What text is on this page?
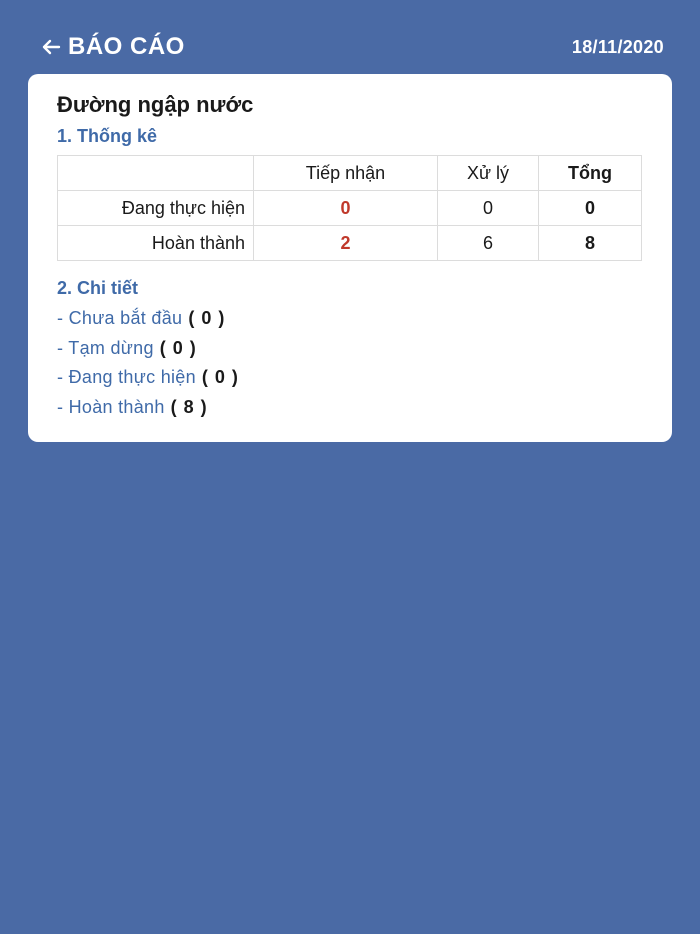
BÁO CÁO	18/11/2020
Đường ngập nước
1. Thống kê
	Tiếp nhận	Xử lý	Tổng
Đang thực hiện	0	0	0
Hoàn thành	2	6	8
2. Chi tiết
- Chưa bắt đầu ( 0 )
- Tạm dừng ( 0 )
- Đang thực hiện ( 0 )
- Hoàn thành ( 8 )
